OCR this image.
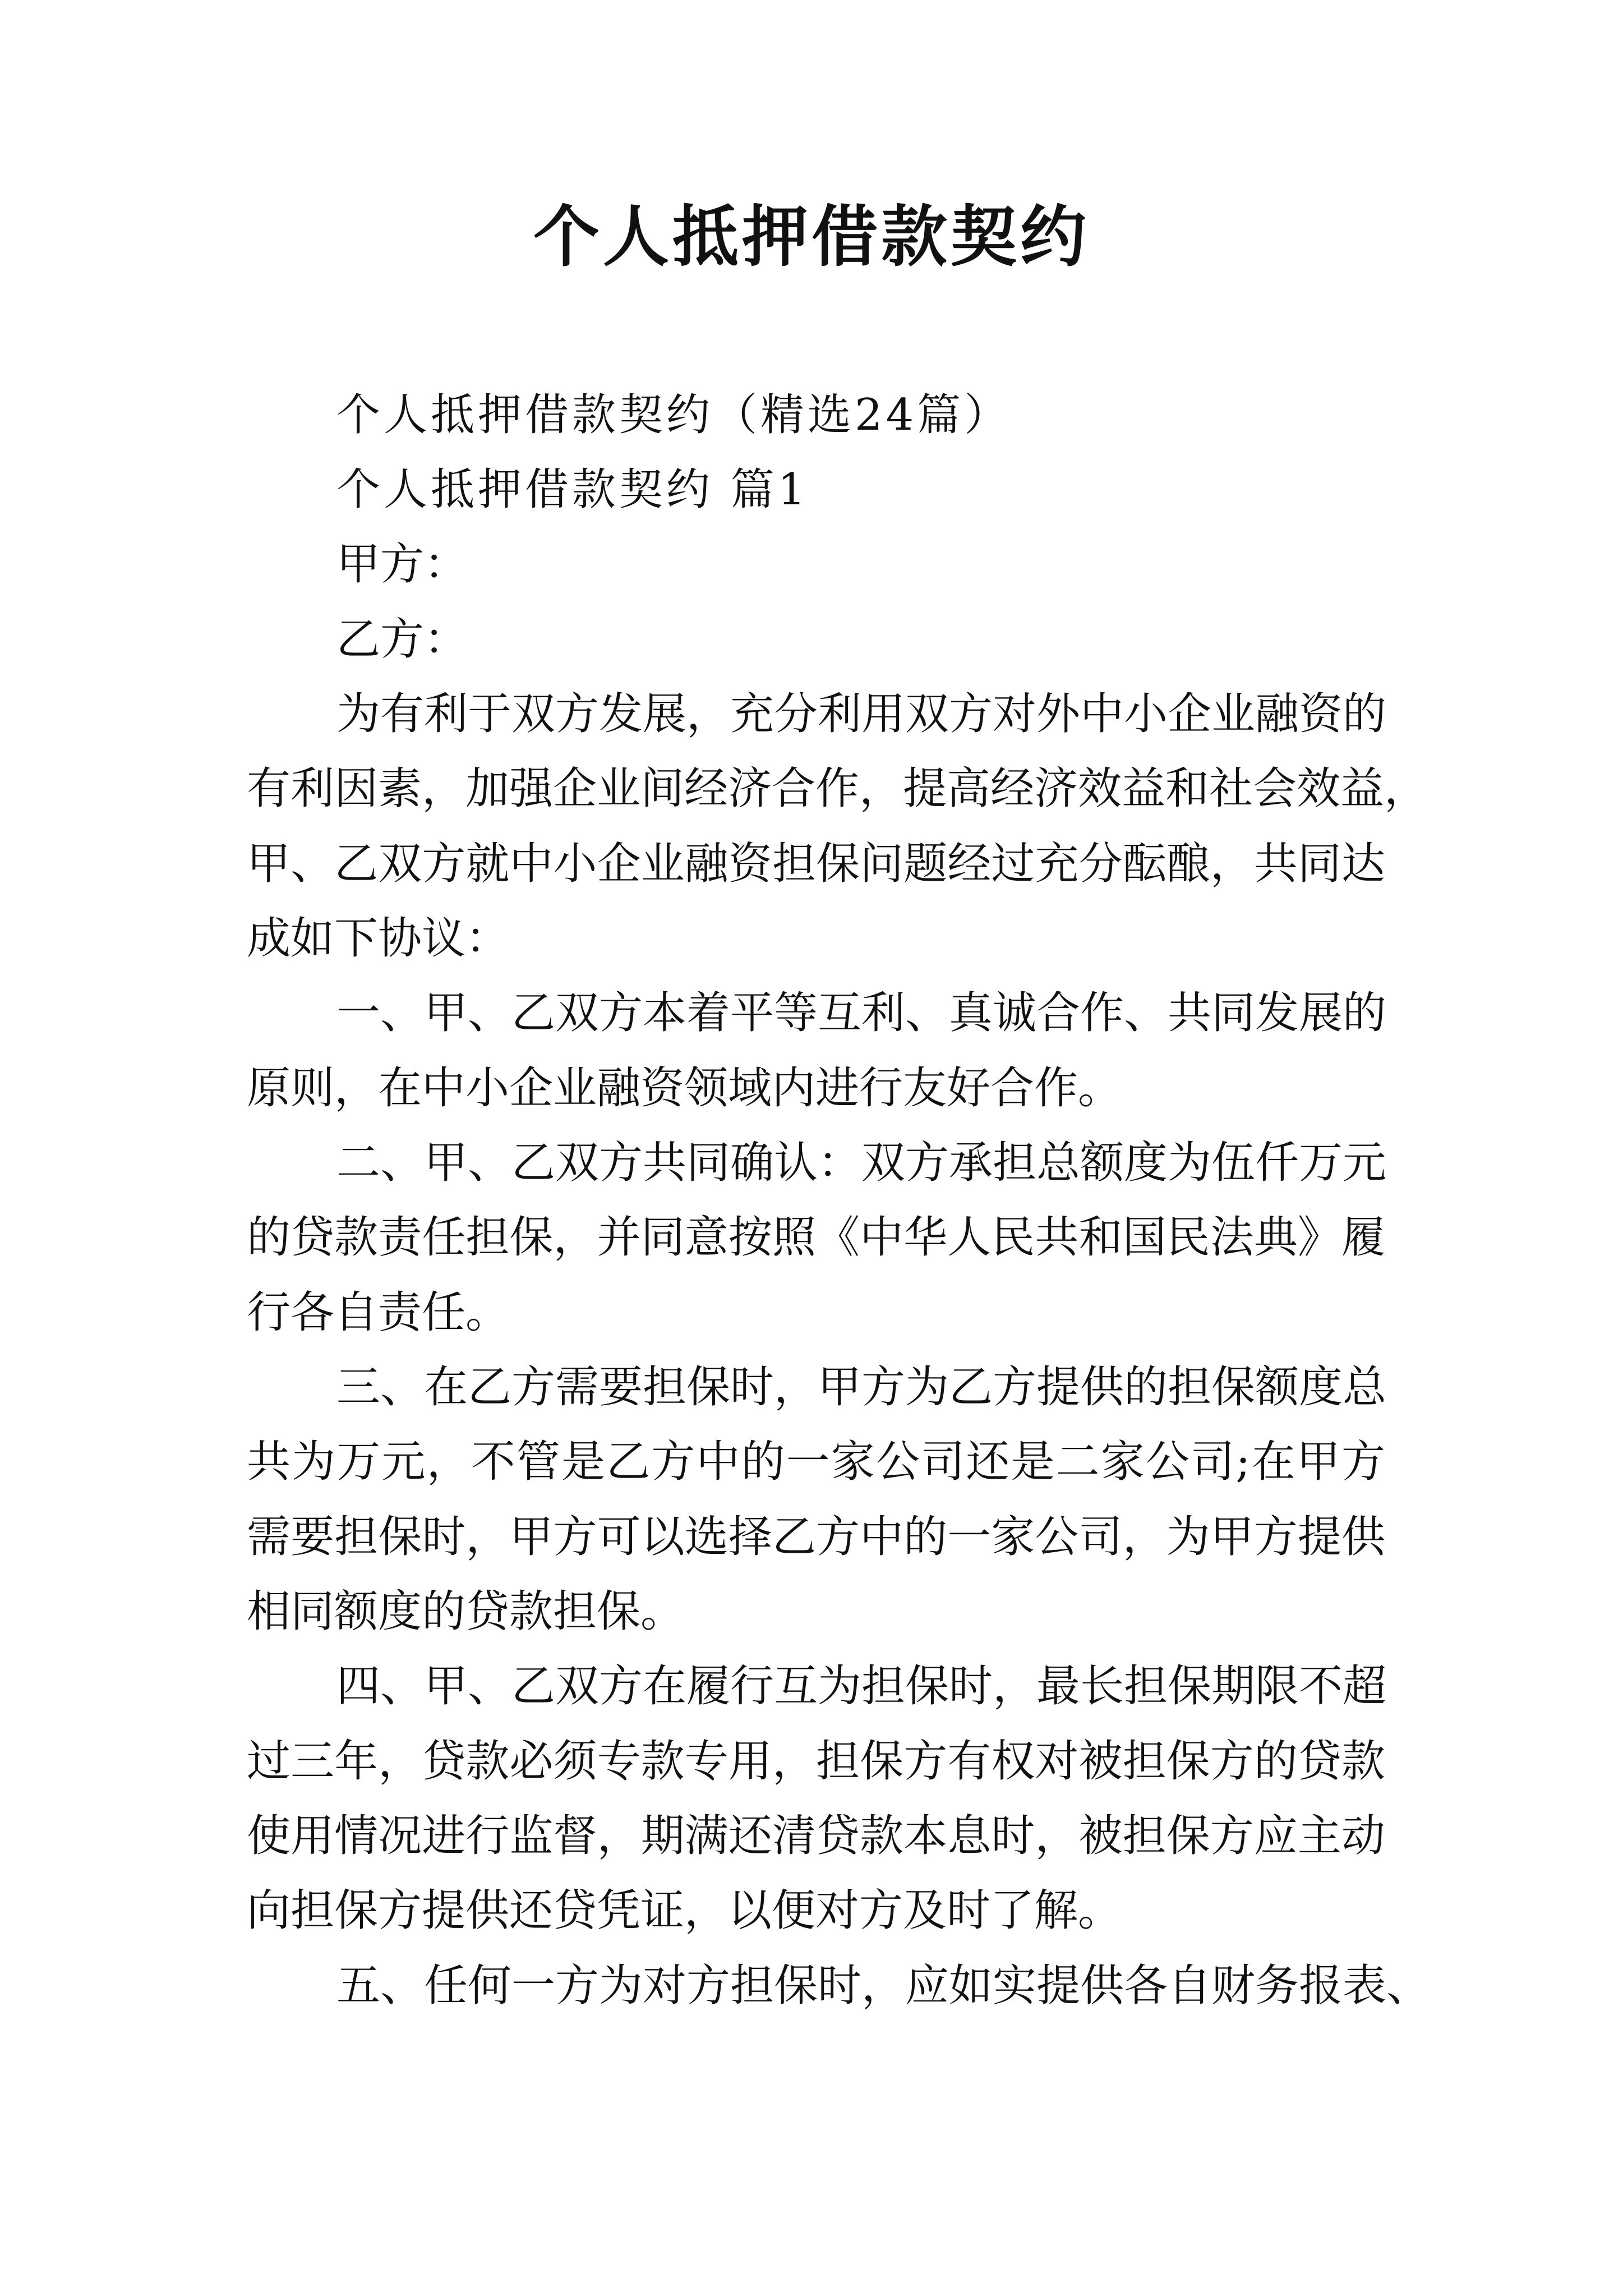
个人抵押借款契约

个人抵押借款契约（精选24篇）

个人抵押借款契约 篇1

甲方：

乙方：

为有利于双方发展，充分利用双方对外中小企业融资的

有利因素，加强企业间经济合作，提高经济效益和社会效益，

甲、乙双方就中小企业融资担保问题经过充分酝酿，共同达

成如下协议：

一、甲、乙双方本着平等互利、真诚合作、共同发展的

原则，在中小企业融资领域内进行友好合作。

二、甲、乙双方共同确认：双方承担总额度为伍仟万元

的贷款责任担保，并同意按照《中华人民共和国民法典》履

行各自责任。

三、在乙方需要担保时，甲方为乙方提供的担保额度总

共为万元，不管是乙方中的一家公司还是二家公司;在甲方

需要担保时，甲方可以选择乙方中的一家公司，为甲方提供

相同额度的贷款担保。

四、甲、乙双方在履行互为担保时，最长担保期限不超

过三年，贷款必须专款专用，担保方有权对被担保方的贷款

使用情况进行监督，期满还清贷款本息时，被担保方应主动

向担保方提供还贷凭证，以便对方及时了解。

五、任何一方为对方担保时，应如实提供各自财务报表、
